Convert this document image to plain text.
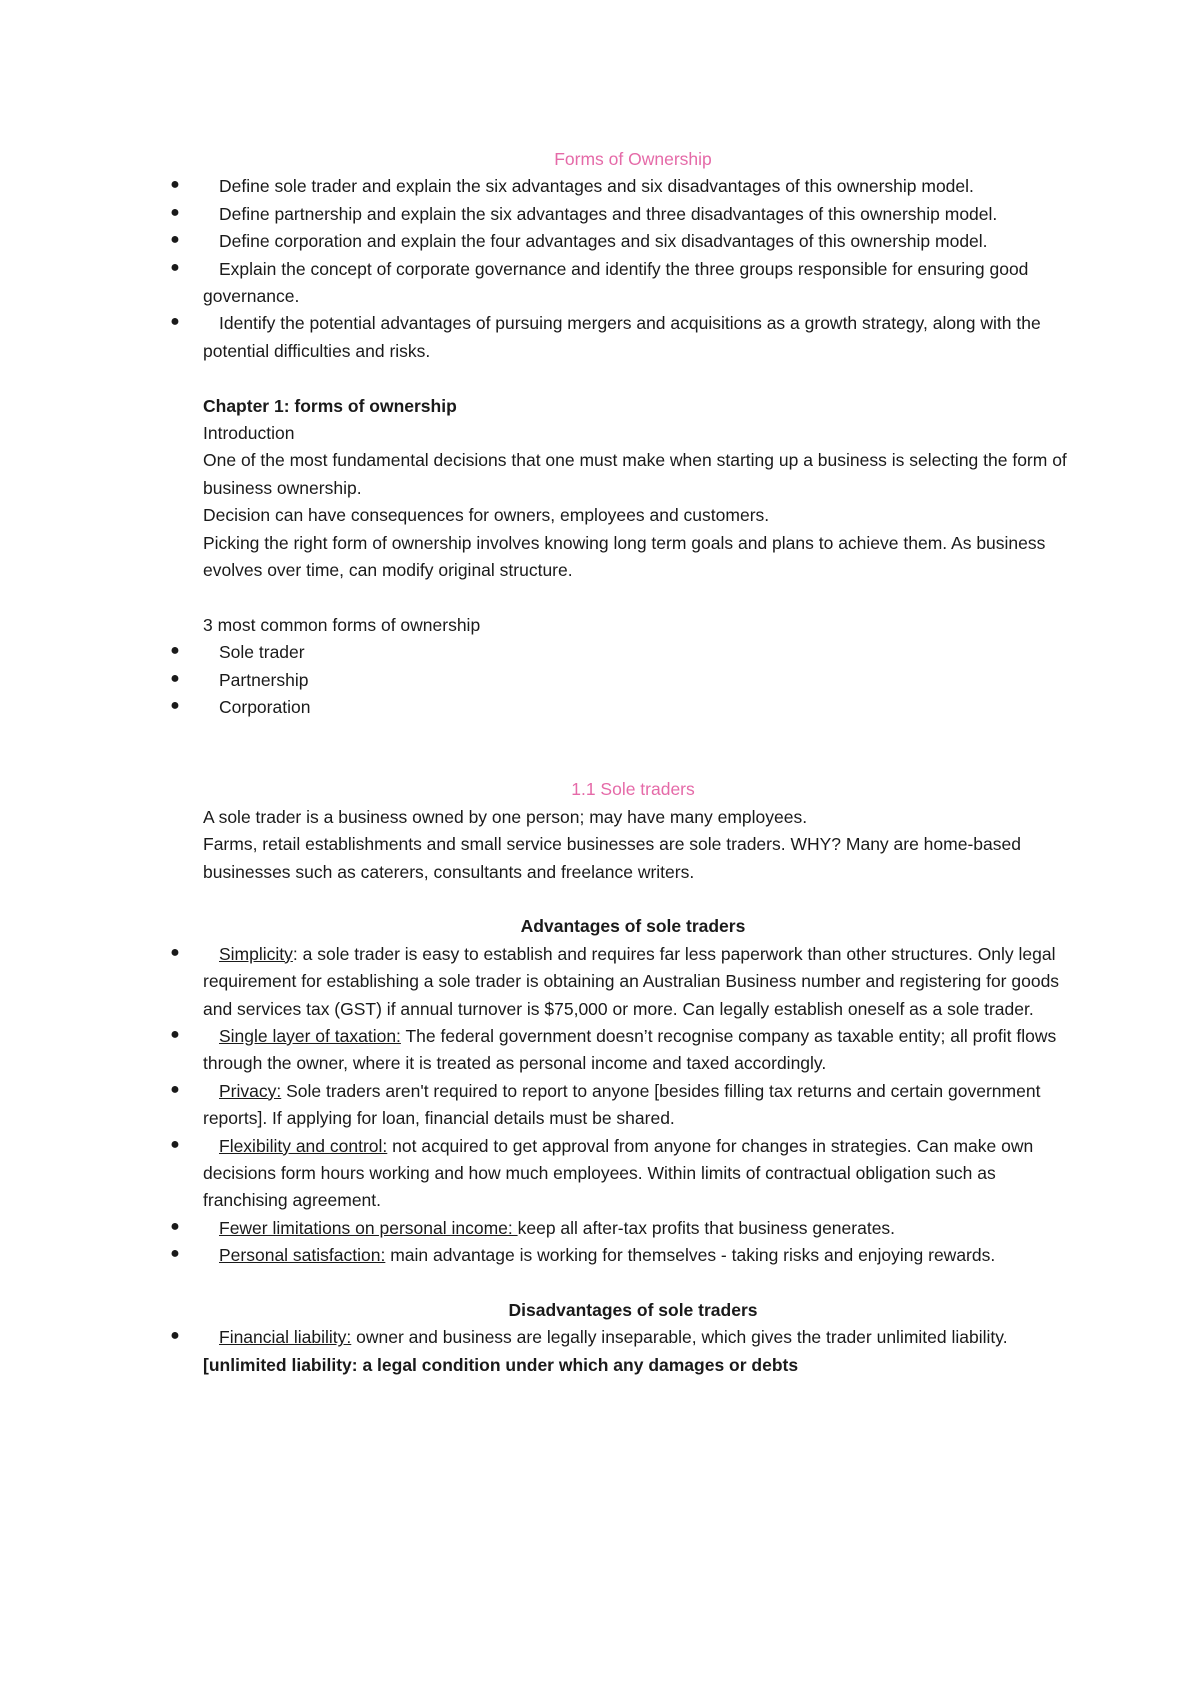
Forms of Ownership
●	Define sole trader and explain the six advantages and six disadvantages of this ownership model.
●	Define partnership and explain the six advantages and three disadvantages of this ownership model.
●	Define corporation and explain the four advantages and six disadvantages of this ownership model.
●	Explain the concept of corporate governance and identify the three groups responsible for ensuring good governance.
●	Identify the potential advantages of pursuing mergers and acquisitions as a growth strategy, along with the potential difficulties and risks.
Chapter 1: forms of ownership
Introduction
One of the most fundamental decisions that one must make when starting up a business is selecting the form of business ownership.
Decision can have consequences for owners, employees and customers.
Picking the right form of ownership involves knowing long term goals and plans to achieve them. As business evolves over time, can modify original structure.
3 most common forms of ownership
●	Sole trader
●	Partnership
●	Corporation
1.1 Sole traders
A sole trader is a business owned by one person; may have many employees.
Farms, retail establishments and small service businesses are sole traders. WHY? Many are home-based businesses such as caterers, consultants and freelance writers.
Advantages of sole traders
●	Simplicity: a sole trader is easy to establish and requires far less paperwork than other structures. Only legal requirement for establishing a sole trader is obtaining an Australian Business number and registering for goods and services tax (GST) if annual turnover is $75,000 or more. Can legally establish oneself as a sole trader.
●	Single layer of taxation: The federal government doesn’t recognise company as taxable entity; all profit flows through the owner, where it is treated as personal income and taxed accordingly.
●	Privacy: Sole traders aren't required to report to anyone [besides filling tax returns and certain government reports]. If applying for loan, financial details must be shared.
●	Flexibility and control: not acquired to get approval from anyone for changes in strategies. Can make own decisions form hours working and how much employees. Within limits of contractual obligation such as franchising agreement.
●	Fewer limitations on personal income: keep all after-tax profits that business generates.
●	Personal satisfaction: main advantage is working for themselves - taking risks and enjoying rewards.
Disadvantages of sole traders
●	Financial liability: owner and business are legally inseparable, which gives the trader unlimited liability. [unlimited liability: a legal condition under which any damages or debts
